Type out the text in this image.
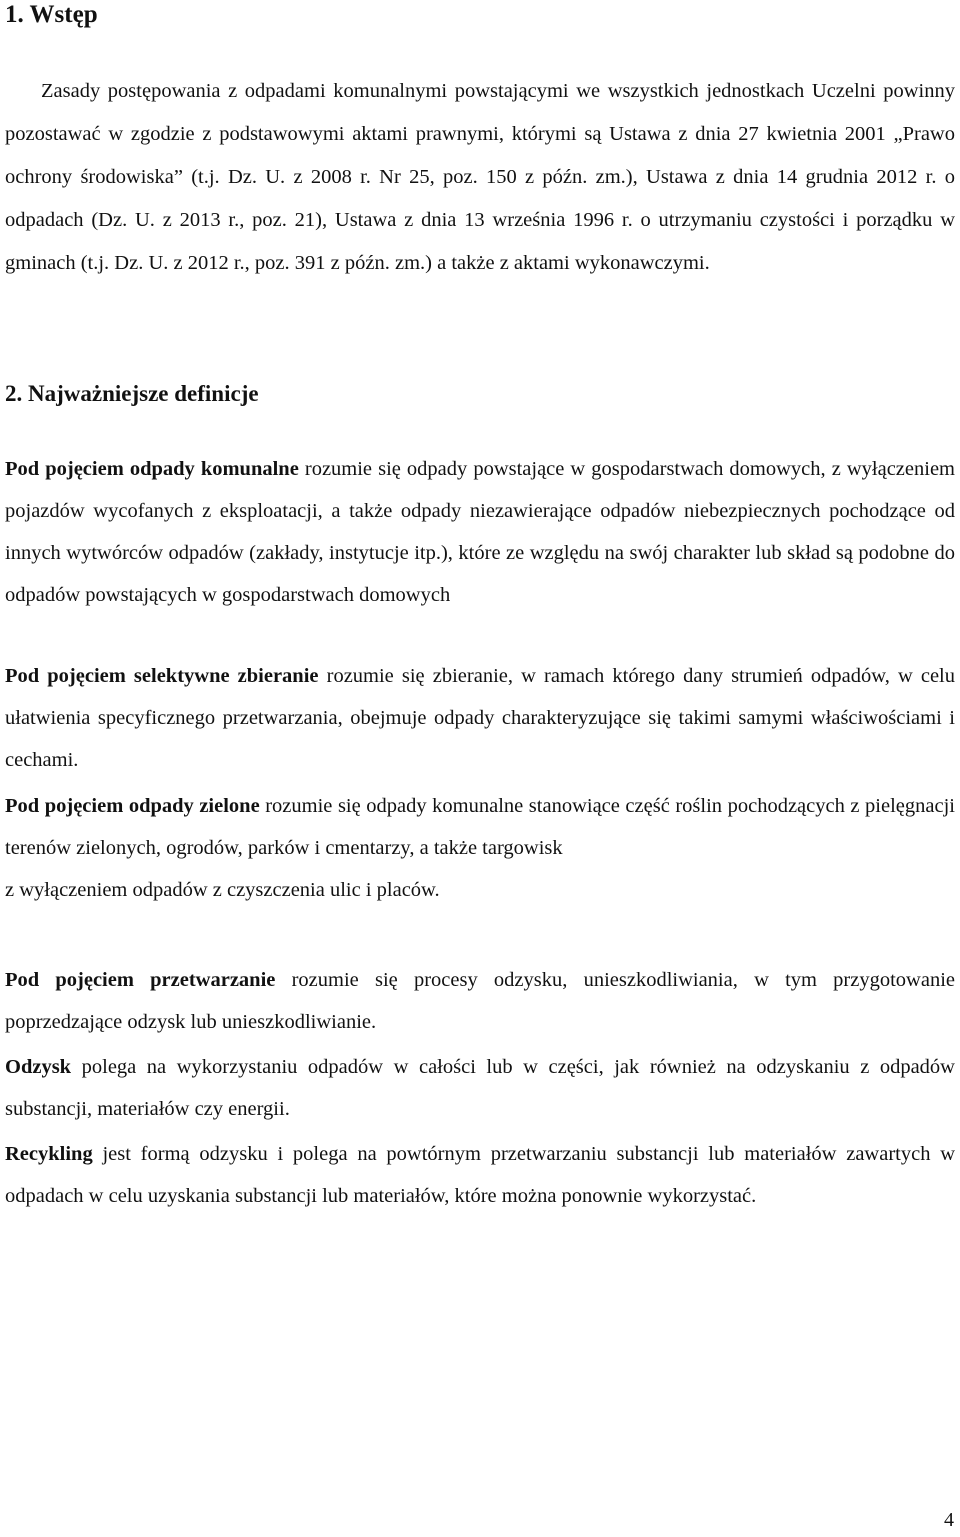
1. Wstęp

Zasady postępowania z odpadami komunalnymi powstającymi we wszystkich jednostkach Uczelni powinny pozostawać w zgodzie z podstawowymi aktami prawnymi, którymi są Ustawa z dnia 27 kwietnia 2001 „Prawo ochrony środowiska” (t.j. Dz. U. z 2008 r. Nr 25, poz. 150 z późn. zm.), Ustawa z dnia 14 grudnia 2012 r. o odpadach (Dz. U. z 2013 r., poz. 21), Ustawa z dnia 13 września 1996 r. o utrzymaniu czystości i porządku w gminach (t.j. Dz. U. z 2012 r., poz. 391 z późn. zm.) a także z aktami wykonawczymi.

2. Najważniejsze definicje

Pod pojęciem odpady komunalne rozumie się odpady powstające w gospodarstwach domowych, z wyłączeniem pojazdów wycofanych z eksploatacji, a także odpady niezawierające odpadów niebezpiecznych pochodzące od innych wytwórców odpadów (zakłady, instytucje itp.), które ze względu na swój charakter lub skład są podobne do odpadów powstających w gospodarstwach domowych

Pod pojęciem selektywne zbieranie rozumie się zbieranie, w ramach którego dany strumień odpadów, w celu ułatwienia specyficznego przetwarzania, obejmuje odpady charakteryzujące się takimi samymi właściwościami i cechami.

Pod pojęciem odpady zielone rozumie się odpady komunalne stanowiące część roślin pochodzących z pielęgnacji terenów zielonych, ogrodów, parków i cmentarzy, a także targowisk
z wyłączeniem odpadów z czyszczenia ulic i placów.

Pod pojęciem przetwarzanie rozumie się procesy odzysku, unieszkodliwiania, w tym przygotowanie poprzedzające odzysk lub unieszkodliwianie.

Odzysk polega na wykorzystaniu odpadów w całości lub w części, jak również na odzyskaniu z odpadów substancji, materiałów czy energii.

Recykling jest formą odzysku i polega na powtórnym przetwarzaniu substancji lub materiałów zawartych w odpadach w celu uzyskania substancji lub materiałów, które można ponownie wykorzystać.

4
